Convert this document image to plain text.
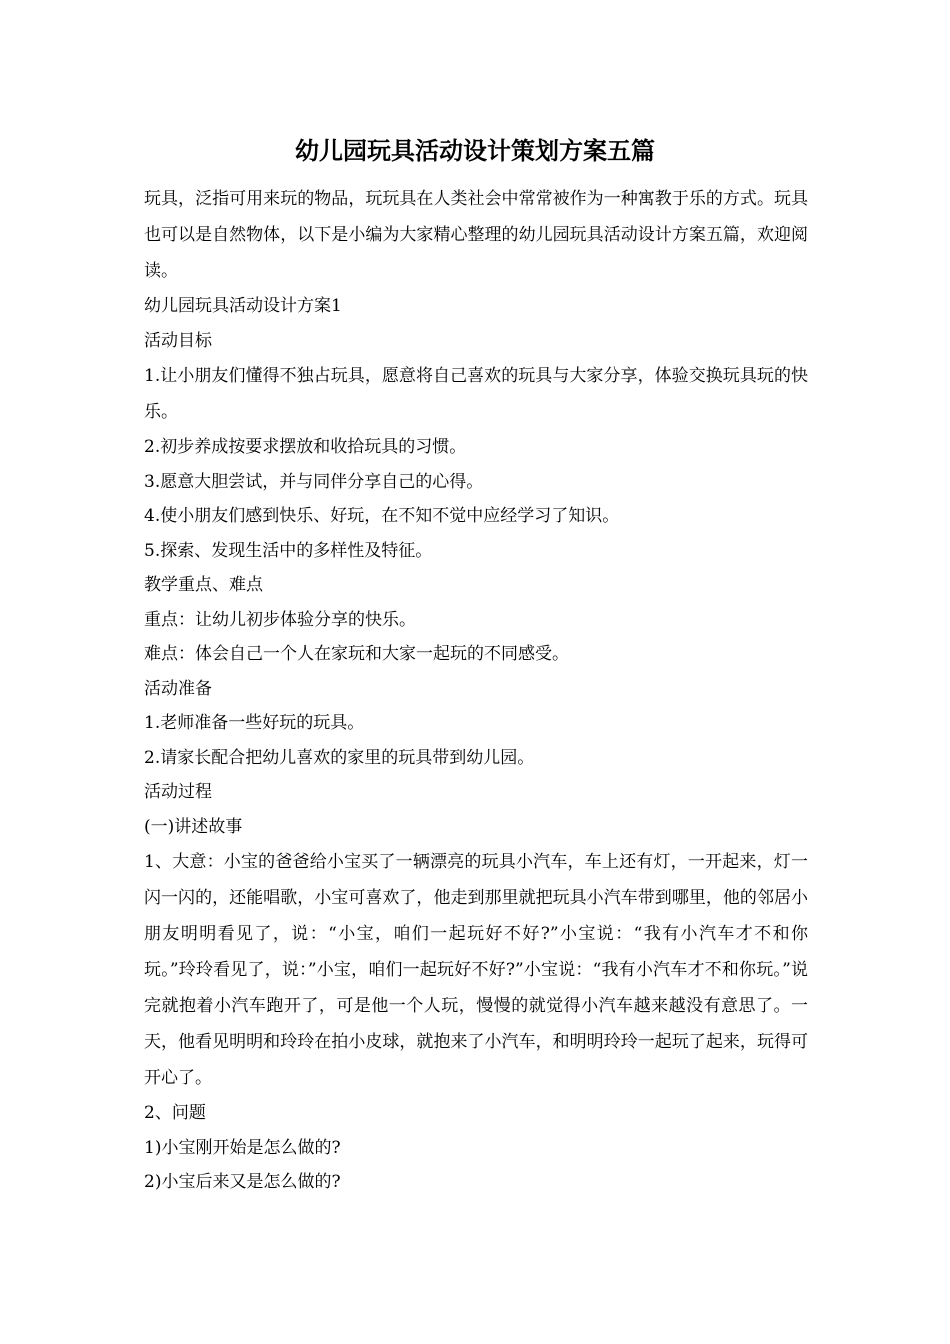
幼儿园玩具活动设计策划方案五篇

玩具，泛指可用来玩的物品，玩玩具在人类社会中常常被作为一种寓教于乐的方式。玩具也可以是自然物体，以下是小编为大家精心整理的幼儿园玩具活动设计方案五篇，欢迎阅读。

幼儿园玩具活动设计方案1

活动目标

1.让小朋友们懂得不独占玩具，愿意将自己喜欢的玩具与大家分享，体验交换玩具玩的快乐。

2.初步养成按要求摆放和收拾玩具的习惯。

3.愿意大胆尝试，并与同伴分享自己的心得。

4.使小朋友们感到快乐、好玩，在不知不觉中应经学习了知识。

5.探索、发现生活中的多样性及特征。

教学重点、难点

重点：让幼儿初步体验分享的快乐。

难点：体会自己一个人在家玩和大家一起玩的不同感受。

活动准备

1.老师准备一些好玩的玩具。

2.请家长配合把幼儿喜欢的家里的玩具带到幼儿园。

活动过程

(一)讲述故事

1、大意：小宝的爸爸给小宝买了一辆漂亮的玩具小汽车，车上还有灯，一开起来，灯一闪一闪的，还能唱歌，小宝可喜欢了，他走到那里就把玩具小汽车带到哪里，他的邻居小朋友明明看见了，说：“小宝，咱们一起玩好不好?”小宝说：“我有小汽车才不和你玩。”玲玲看见了，说：”小宝，咱们一起玩好不好?”小宝说：“我有小汽车才不和你玩。”说完就抱着小汽车跑开了，可是他一个人玩，慢慢的就觉得小汽车越来越没有意思了。一天，他看见明明和玲玲在拍小皮球，就抱来了小汽车，和明明玲玲一起玩了起来，玩得可开心了。

2、问题

1)小宝刚开始是怎么做的?

2)小宝后来又是怎么做的?
